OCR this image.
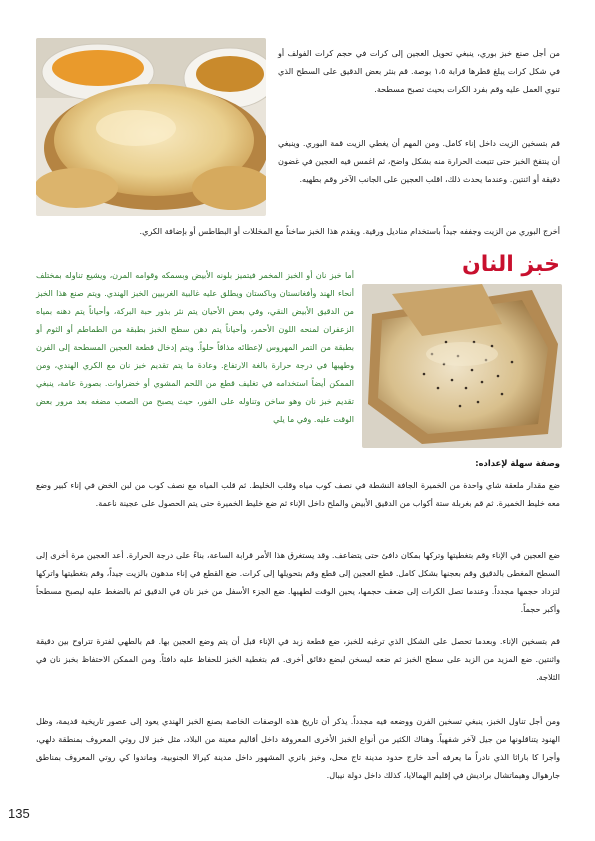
من أجل صنع خبز بوري، ينبغي تحويل العجين إلى كرات في حجم كرات الفولف أو في شكل كرات يبلغ قطرها قرابة ١،٥ بوصة. قم بنثر بعض الدقيق على السطح الذي تنوي العمل عليه وقم بفرد الكرات بحيث تصبح مسطحة.

قم بتسخين الزيت داخل إناء كامل. ومن المهم أن يغطي الزيت قمة البوري. وينبغي أن ينتفخ الخبز حتى تتبعث الحرارة منه بشكل واضح، ثم اغمس فيه العجين في غضون دقيقة أو اثنتين. وعندما يحدث ذلك، اقلب العجين على الجانب الآخر وقم بطهيه.

أخرج البوري من الزيت وجففه جيداً باستخدام مناديل ورقية. ويقدم هذا الخبز ساخناً مع المخللات أو البطاطس أو بإضافة الكري.

خبز النان

أما خبز نان أو الخبز المخمر فيتميز بلونه الأبيض وبسمكه وقوامه المرن، ويشيع تناوله بمختلف أنحاء الهند وأفغانستان وباكستان ويطلق عليه غالبية الغربيين الخبز الهندي. ويتم صنع هذا الخبز من الدقيق الأبيض النقي، وفي بعض الأحيان يتم نثر بذور حبة البركة، وأحياناً يتم دهنه بمياه الزعفران لمنحه اللون الأحمر، وأحياناً يتم دهن سطح الخبز بطبقة من الطماطم أو الثوم أو بطبقة من التمر المهروس لإعطائه مذاقاً حلواً. ويتم إدخال قطعة العجين المسطحة إلى الفرن وطهيها في درجة حرارة بالغة الارتفاع. وعادة ما يتم تقديم خبز نان مع الكري الهندي، ومن الممكن أيضاً استخدامه في تغليف قطع من اللحم المشوي أو خضراوات. بصورة عامة، ينبغي تقديم خبز نان وهو ساخن وتناوله على الفور، حيث يصبح من الصعب مضغه بعد مرور بعض الوقت عليه. وفي ما يلي

وصفة سهلة لإعداده:

ضع مقدار ملعقة شاي واحدة من الخميرة الجافة النشطة في نصف كوب مياه وقلب الخليط. ثم قلب المياه مع نصف كوب من لبن الخض في إناء كبير وضع معه خليط الخميرة. ثم قم بغربلة ستة أكواب من الدقيق الأبيض والملح داخل الإناء ثم ضع خليط الخميرة حتى يتم الحصول على عجينة ناعمة.

ضع العجين في الإناء وقم بتغطيتها وتركها بمكان دافئ حتى يتضاعف. وقد يستغرق هذا الأمر قرابة الساعة، بناءً على درجة الحرارة. أعد العجين مرة أخرى إلى السطح المغطى بالدقيق وقم بعجنها بشكل كامل. قطع العجين إلى قطع وقم بتحويلها إلى كرات. ضع القطع في إناء مدهون بالزيت جيداً، وقم بتغطيتها واتركها لتزداد حجمها مجدداً. وعندما تصل الكرات إلى ضعف حجمها، يحين الوقت لطهيها. ضع الجزء الأسفل من خبز نان في الدقيق ثم بالضغط عليه ليصبح مسطحاً وأكبر حجماً.

قم بتسخين الإناء. وبعدما تحصل على الشكل الذي ترغبه للخبز، ضع قطعة زبد في الإناء قبل أن يتم وضع العجين بها. قم بالطهي لفترة تتراوح بين دقيقة واثنتين. ضع المزيد من الزبد على سطح الخبز ثم ضعه ليسخن لبضع دقائق أخرى. قم بتغطية الخبز للحفاظ عليه دافئاً. ومن الممكن الاحتفاظ بخبز نان في الثلاجة.

ومن أجل تناول الخبز، ينبغي تسخين الفرن ووضعه فيه مجدداً. يذكر أن تاريخ هذه الوصفات الخاصة بصنع الخبز الهندي يعود إلى عصور تاريخية قديمة، وظل الهنود يتناقلونها من جيل لآخر شفهياً. وهناك الكثير من أنواع الخبز الأخرى المعروفة داخل أقاليم معينة من البلاد، مثل خبز لال روتي المعروف بمنطقة دلهي، وأجرا كا باراثا الذي نادراً ما يعرفه أحد خارج حدود مدينة تاج محل، وخبز باتري المشهور داخل مدينة كيرالا الجنوبية، وماندوا كي روتي المعروف بمناطق جارهوال وهيماتشال براديش في إقليم الهمالايا، كذلك داخل دولة نيبال.

135
